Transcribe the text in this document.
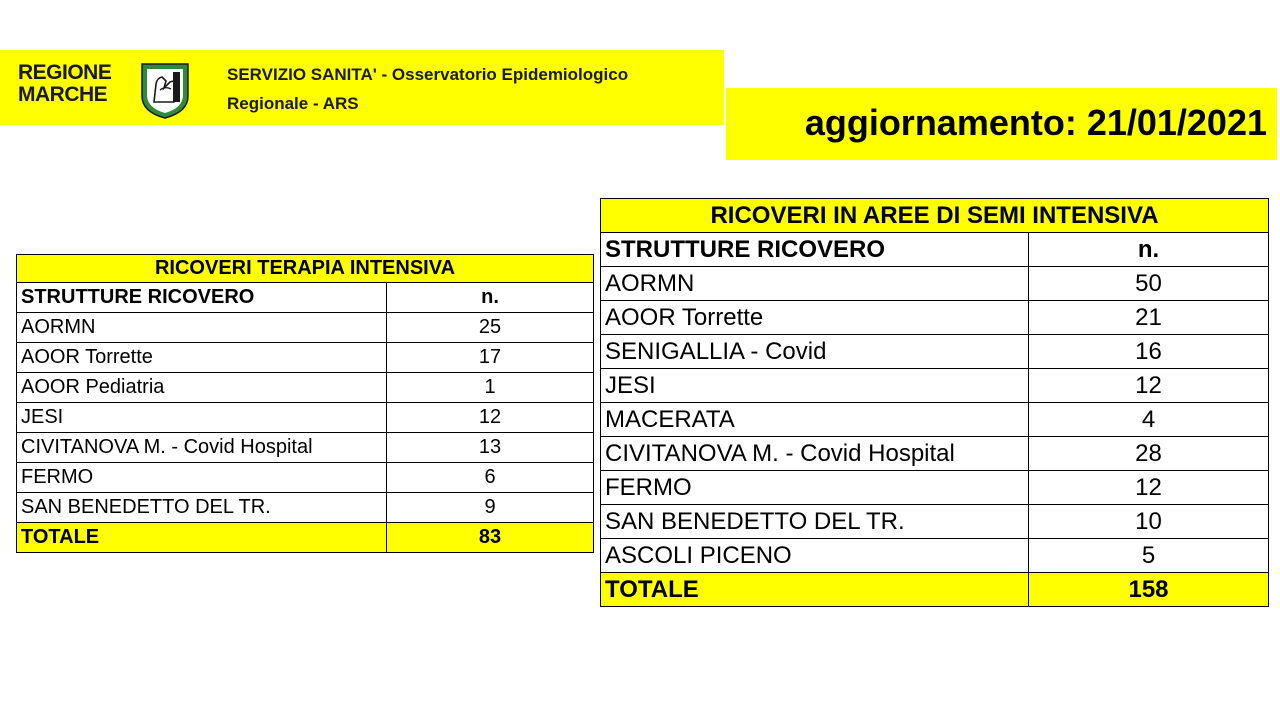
REGIONE
MARCHE
SERVIZIO SANITA' - Osservatorio Epidemiologico
Regionale - ARS	aggiornamento: 21/01/2021
RICOVERI TERAPIA INTENSIVA	
STRUTTURE RICOVERO	n.
AORMN	25
AOOR Torrette	17
AOOR Pediatria	1
JESI	12
CIVITANOVA M. - Covid Hospital	13
FERMO	6
SAN BENEDETTO DEL TR.	9
TOTALE	83
RICOVERI IN AREE DI SEMI INTENSIVA	
STRUTTURE RICOVERO	n.
AORMN	50
AOOR Torrette	21
SENIGALLIA - Covid	16
JESI	12
MACERATA	4
CIVITANOVA M. - Covid Hospital	28
FERMO	12
SAN BENEDETTO DEL TR.	10
ASCOLI PICENO	5
TOTALE	158
